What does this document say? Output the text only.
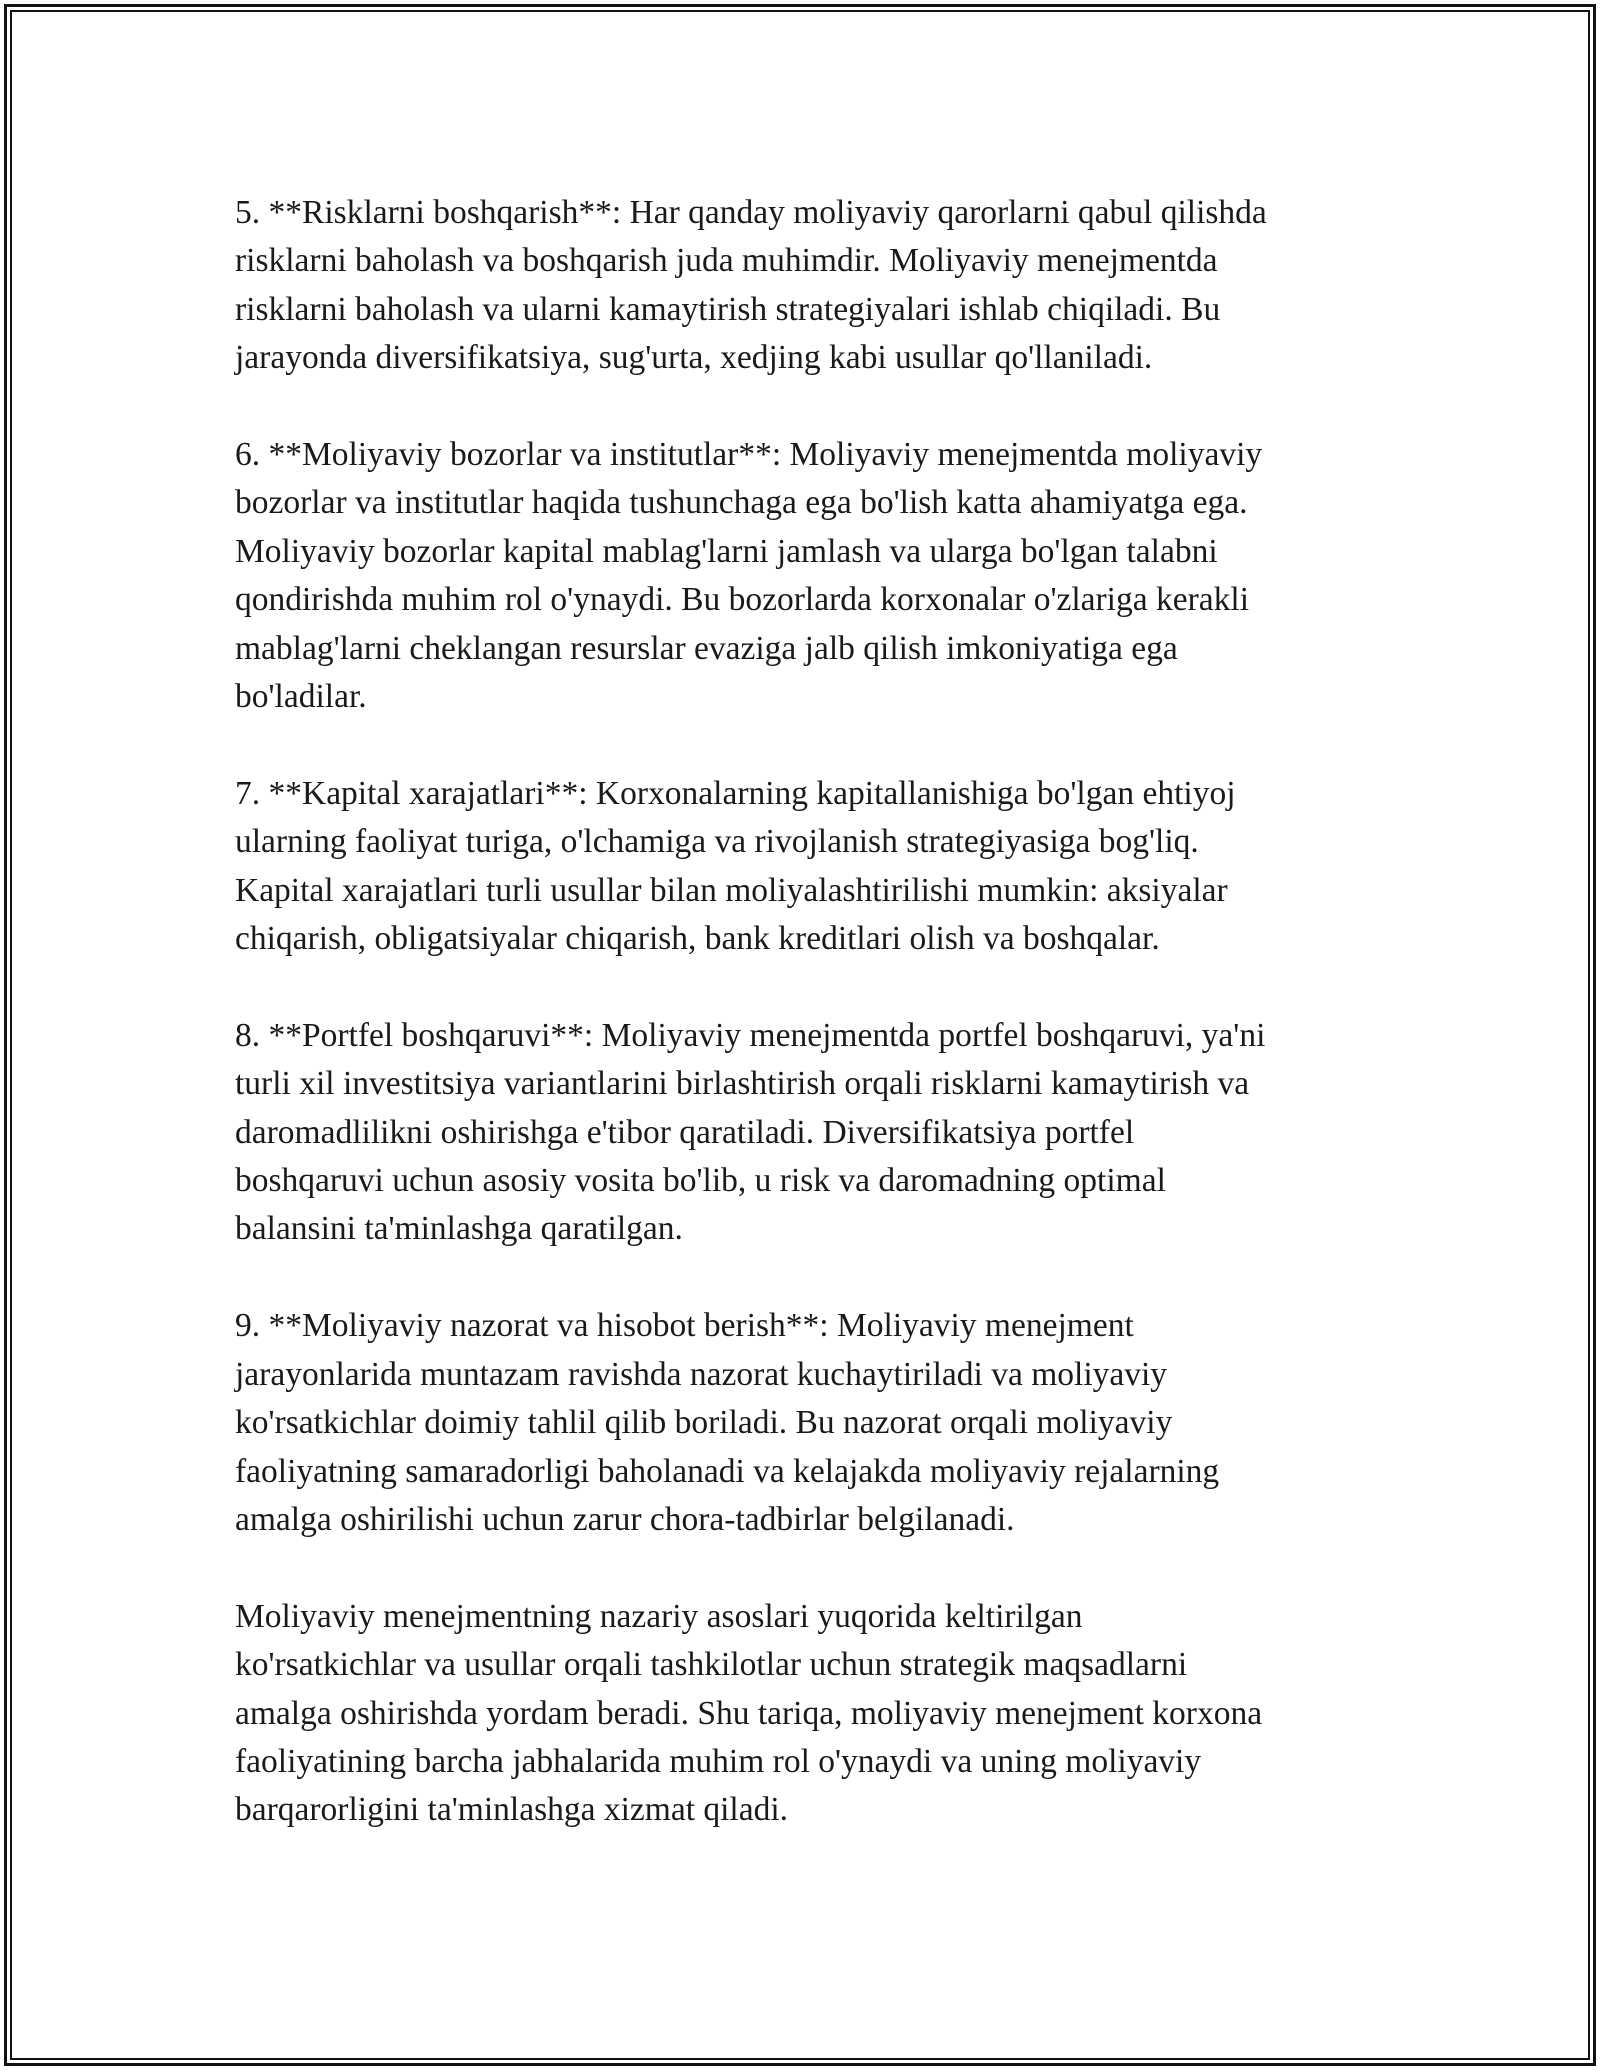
5. **Risklarni boshqarish**: Har qanday moliyaviy qarorlarni qabul qilishda
risklarni baholash va boshqarish juda muhimdir. Moliyaviy menejmentda
risklarni baholash va ularni kamaytirish strategiyalari ishlab chiqiladi. Bu
jarayonda diversifikatsiya, sug'urta, xedjing kabi usullar qo'llaniladi.

6. **Moliyaviy bozorlar va institutlar**: Moliyaviy menejmentda moliyaviy
bozorlar va institutlar haqida tushunchaga ega bo'lish katta ahamiyatga ega.
Moliyaviy bozorlar kapital mablag'larni jamlash va ularga bo'lgan talabni
qondirishda muhim rol o'ynaydi. Bu bozorlarda korxonalar o'zlariga kerakli
mablag'larni cheklangan resurslar evaziga jalb qilish imkoniyatiga ega
bo'ladilar.

7. **Kapital xarajatlari**: Korxonalarning kapitallanishiga bo'lgan ehtiyoj
ularning faoliyat turiga, o'lchamiga va rivojlanish strategiyasiga bog'liq.
Kapital xarajatlari turli usullar bilan moliyalashtirilishi mumkin: aksiyalar
chiqarish, obligatsiyalar chiqarish, bank kreditlari olish va boshqalar.

8. **Portfel boshqaruvi**: Moliyaviy menejmentda portfel boshqaruvi, ya'ni
turli xil investitsiya variantlarini birlashtirish orqali risklarni kamaytirish va
daromadlilikni oshirishga e'tibor qaratiladi. Diversifikatsiya portfel
boshqaruvi uchun asosiy vosita bo'lib, u risk va daromadning optimal
balansini ta'minlashga qaratilgan.

9. **Moliyaviy nazorat va hisobot berish**: Moliyaviy menejment
jarayonlarida muntazam ravishda nazorat kuchaytiriladi va moliyaviy
ko'rsatkichlar doimiy tahlil qilib boriladi. Bu nazorat orqali moliyaviy
faoliyatning samaradorligi baholanadi va kelajakda moliyaviy rejalarning
amalga oshirilishi uchun zarur chora-tadbirlar belgilanadi.

Moliyaviy menejmentning nazariy asoslari yuqorida keltirilgan
ko'rsatkichlar va usullar orqali tashkilotlar uchun strategik maqsadlarni
amalga oshirishda yordam beradi. Shu tariqa, moliyaviy menejment korxona
faoliyatining barcha jabhalarida muhim rol o'ynaydi va uning moliyaviy
barqarorligini ta'minlashga xizmat qiladi.
